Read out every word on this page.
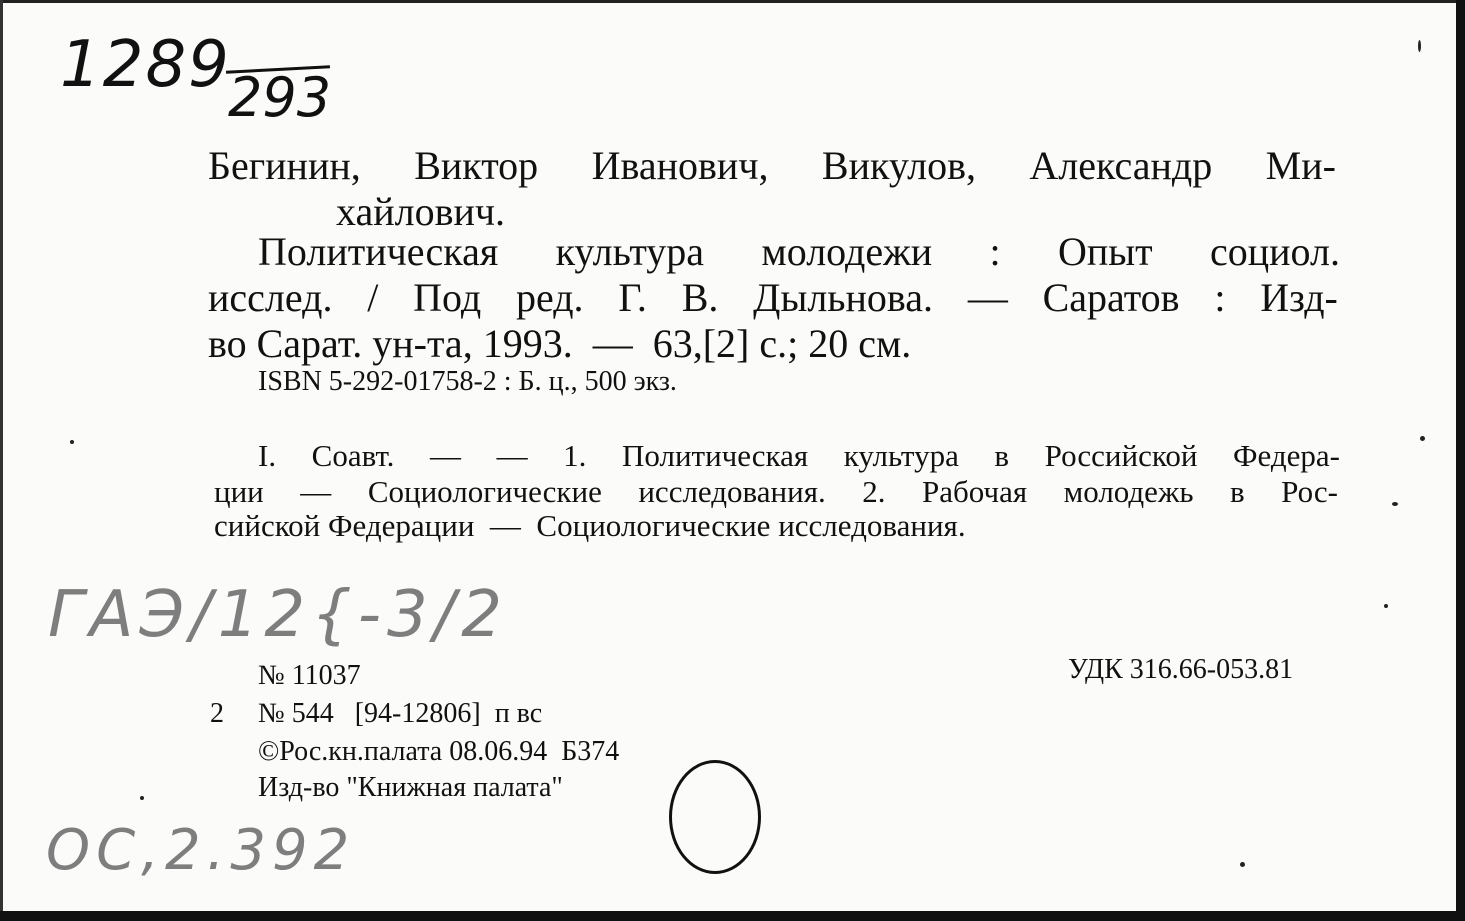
1289
293
Бегинин, Виктор Иванович, Викулов, Александр Ми-
хайлович.
Политическая культура молодежи : Опыт социол.
исслед. / Под ред. Г. В. Дыльнова. — Саратов : Изд-
во Сарат. ун-та, 1993.  —  63,[2] с.; 20 см.
ISBN 5-292-01758-2 : Б. ц., 500 экз.
I. Соавт. — — 1. Политическая культура в Российской Федера-
ции — Социологические исследования. 2. Рабочая молодежь в Рос-
сийской Федерации  —  Социологические исследования.
ГАЭ/12{-3/2
ОС,2.392
№ 11037	УДК 316.66-053.81
2 № 544   [94-12806]  п вс
©Рос.кн.палата 08.06.94  Б374
Изд-во "Книжная палата"
